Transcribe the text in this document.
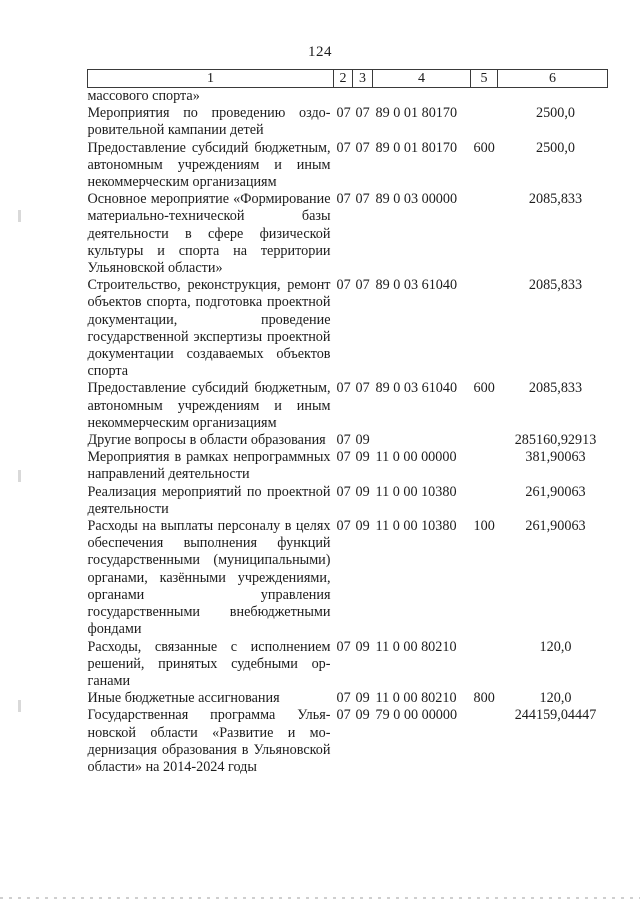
124
1	2	3	4	5	6
массового спорта»					
Мероприятия по проведению оздоровительной кампании детей	07	07	89 0 01 80170		2500,0
Предоставление субсидий бюджетным, автономным учреждениям и иным некоммерческим организациям	07	07	89 0 01 80170	600	2500,0
Основное мероприятие «Формирование материально-технической базы деятельности в сфере физической культуры и спорта на территории Ульяновской области»	07	07	89 0 03 00000		2085,833
Строительство, реконструкция, ремонт объектов спорта, подготовка проектной документации, проведение государственной экспертизы проектной документации создаваемых объектов спорта	07	07	89 0 03 61040		2085,833
Предоставление субсидий бюджетным, автономным учреждениям и иным некоммерческим организациям	07	07	89 0 03 61040	600	2085,833
Другие вопросы в области образования	07	09			285160,92913
Мероприятия в рамках непрограммных направлений деятельности	07	09	11 0 00 00000		381,90063
Реализация мероприятий по проектной деятельности	07	09	11 0 00 10380		261,90063
Расходы на выплаты персоналу в целях обеспечения выполнения функций государственными (муниципальными) органами, казёнными учреждениями, органами управления государственными внебюджетными фондами	07	09	11 0 00 10380	100	261,90063
Расходы, связанные с исполнением решений, принятых судебными органами	07	09	11 0 00 80210		120,0
Иные бюджетные ассигнования	07	09	11 0 00 80210	800	120,0
Государственная программа Ульяновской области «Развитие и модернизация образования в Ульяновской области» на 2014-2024 годы	07	09	79 0 00 00000		244159,04447
